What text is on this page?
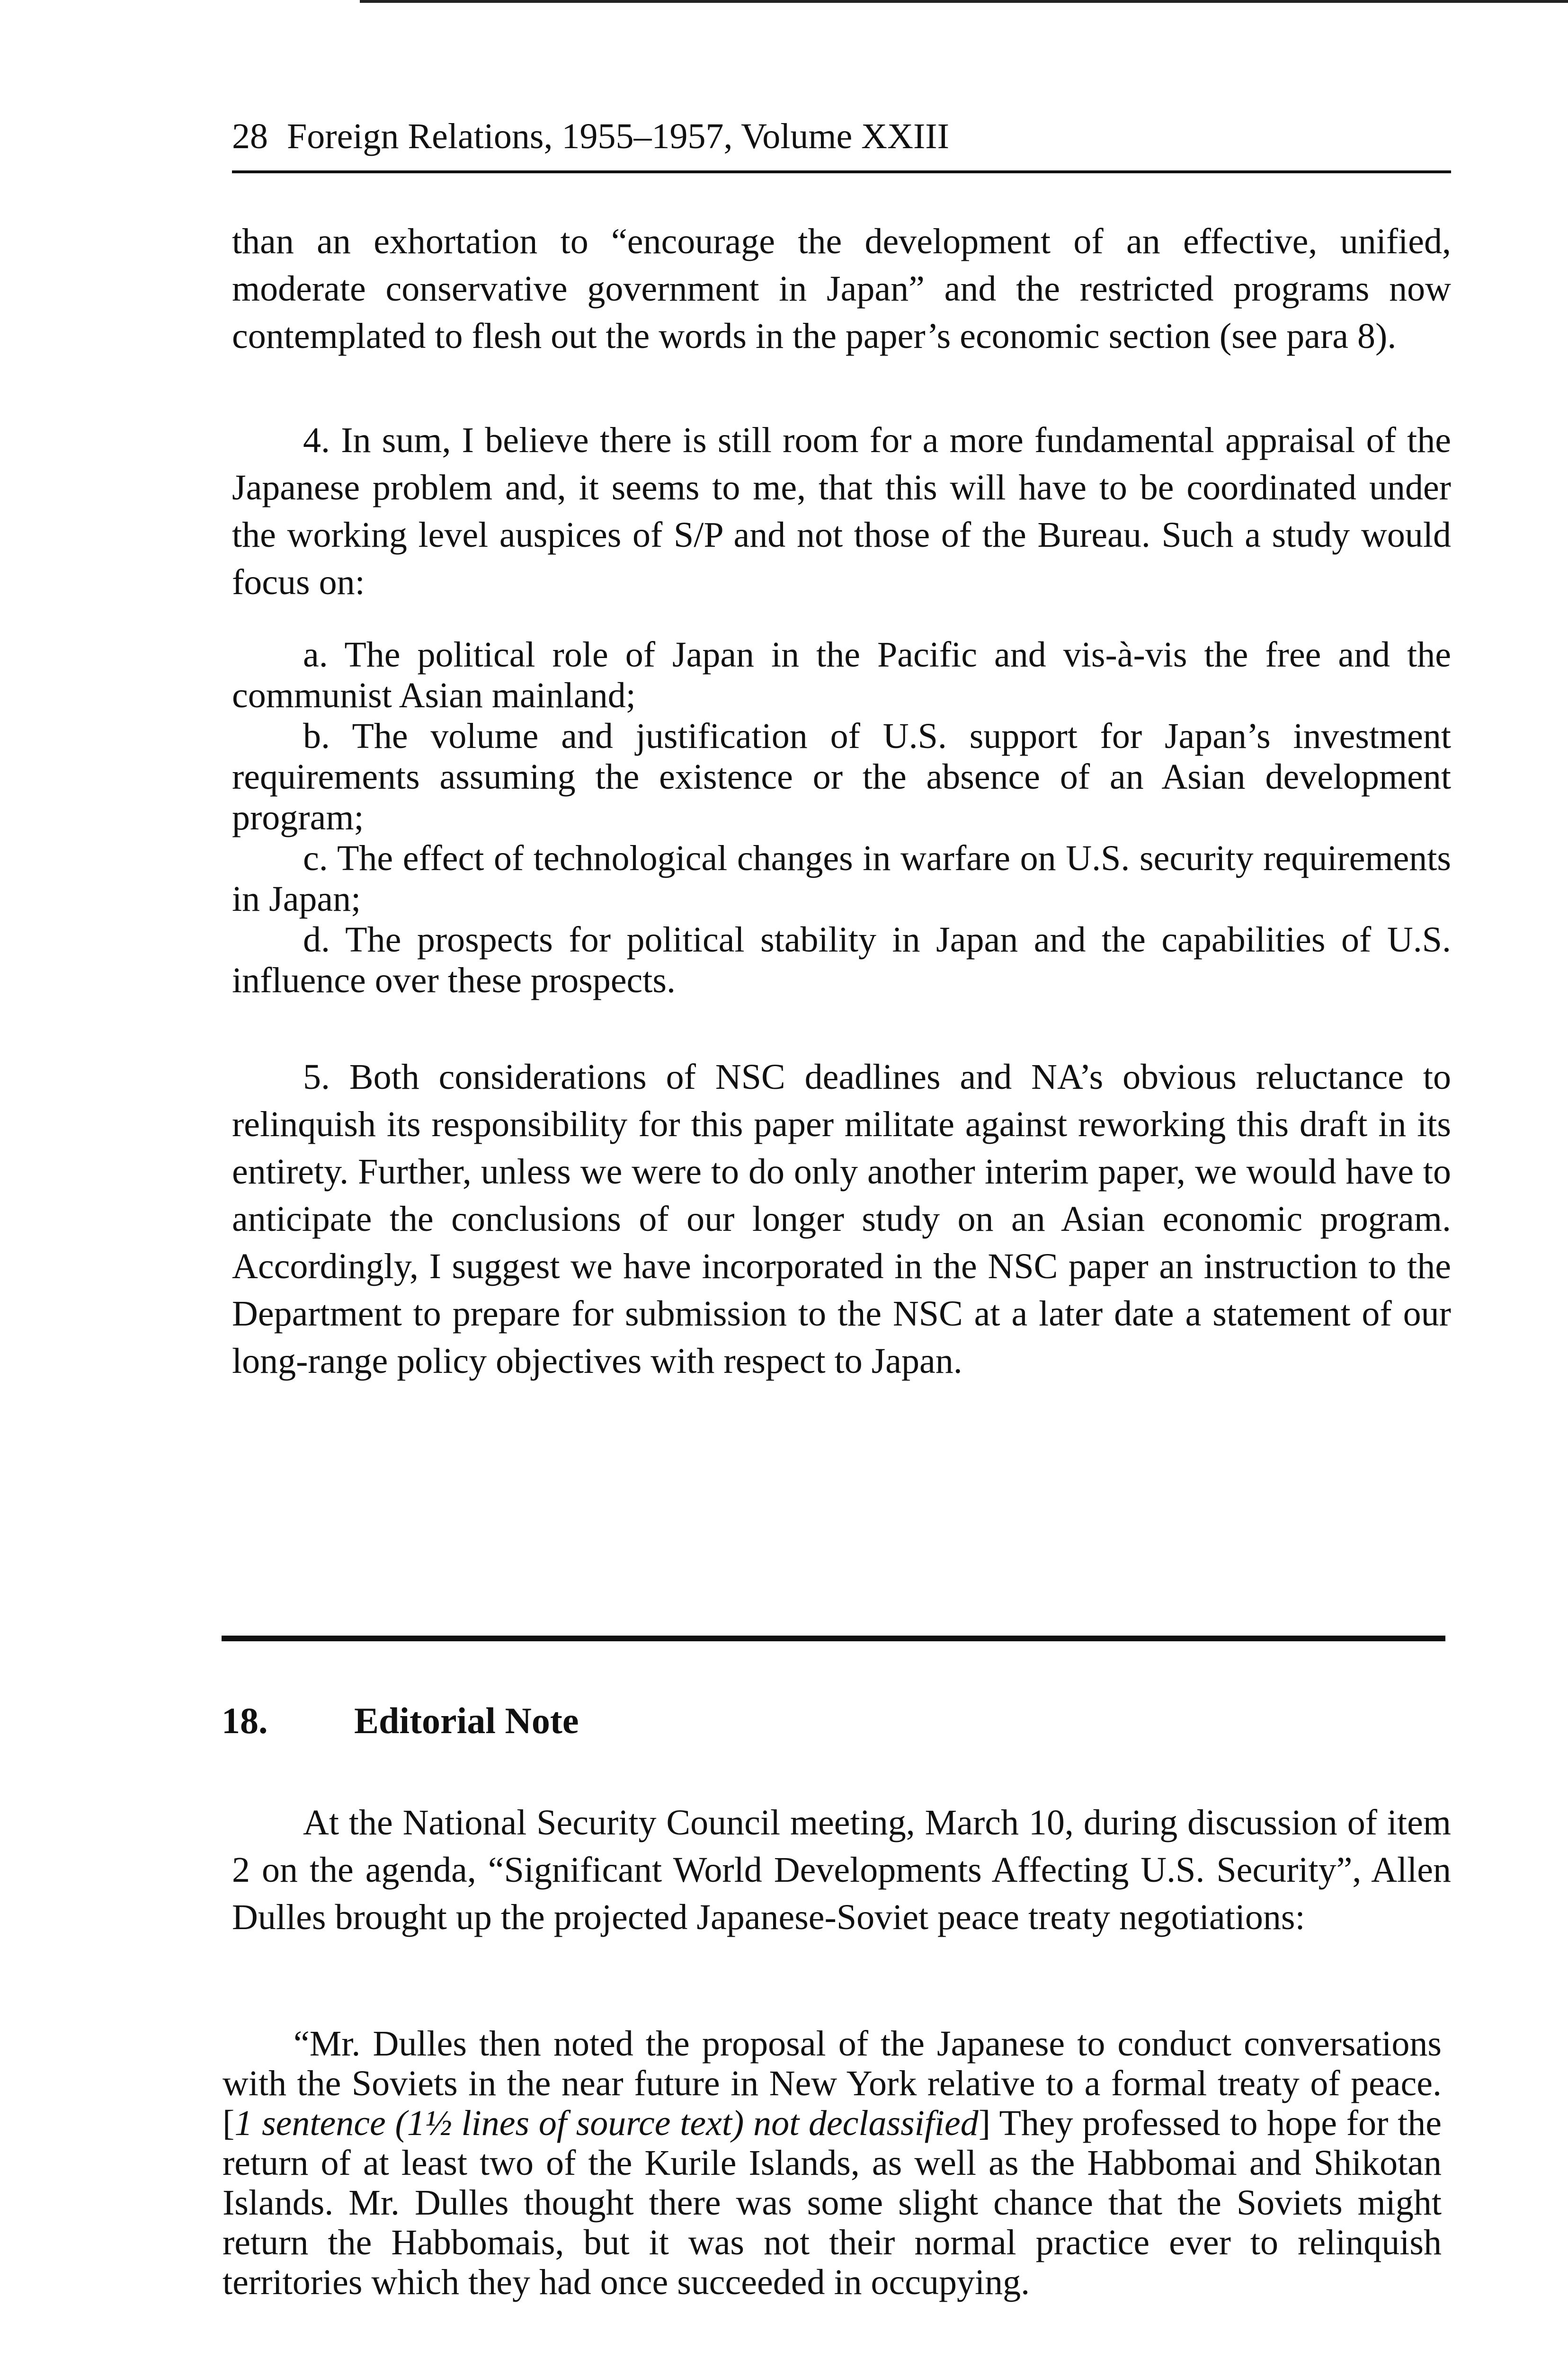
28 Foreign Relations, 1955–1957, Volume XXIII

than an exhortation to “encourage the development of an effective, unified, moderate conservative government in Japan” and the restricted programs now contemplated to flesh out the words in the paper’s economic section (see para 8).

4. In sum, I believe there is still room for a more fundamental appraisal of the Japanese problem and, it seems to me, that this will have to be coordinated under the working level auspices of S/P and not those of the Bureau. Such a study would focus on:

a. The political role of Japan in the Pacific and vis-à-vis the free and the communist Asian mainland;

b. The volume and justification of U.S. support for Japan’s investment requirements assuming the existence or the absence of an Asian development program;

c. The effect of technological changes in warfare on U.S. security requirements in Japan;

d. The prospects for political stability in Japan and the capabilities of U.S. influence over these prospects.

5. Both considerations of NSC deadlines and NA’s obvious reluctance to relinquish its responsibility for this paper militate against reworking this draft in its entirety. Further, unless we were to do only another interim paper, we would have to anticipate the conclusions of our longer study on an Asian economic program. Accordingly, I suggest we have incorporated in the NSC paper an instruction to the Department to prepare for submission to the NSC at a later date a statement of our long-range policy objectives with respect to Japan.

18. Editorial Note

At the National Security Council meeting, March 10, during discussion of item 2 on the agenda, “Significant World Developments Affecting U.S. Security”, Allen Dulles brought up the projected Japanese-Soviet peace treaty negotiations:

“Mr. Dulles then noted the proposal of the Japanese to conduct conversations with the Soviets in the near future in New York relative to a formal treaty of peace. [1 sentence (1½ lines of source text) not declassified] They professed to hope for the return of at least two of the Kurile Islands, as well as the Habbomai and Shikotan Islands. Mr. Dulles thought there was some slight chance that the Soviets might return the Habbomais, but it was not their normal practice ever to relinquish territories which they had once succeeded in occupying.
